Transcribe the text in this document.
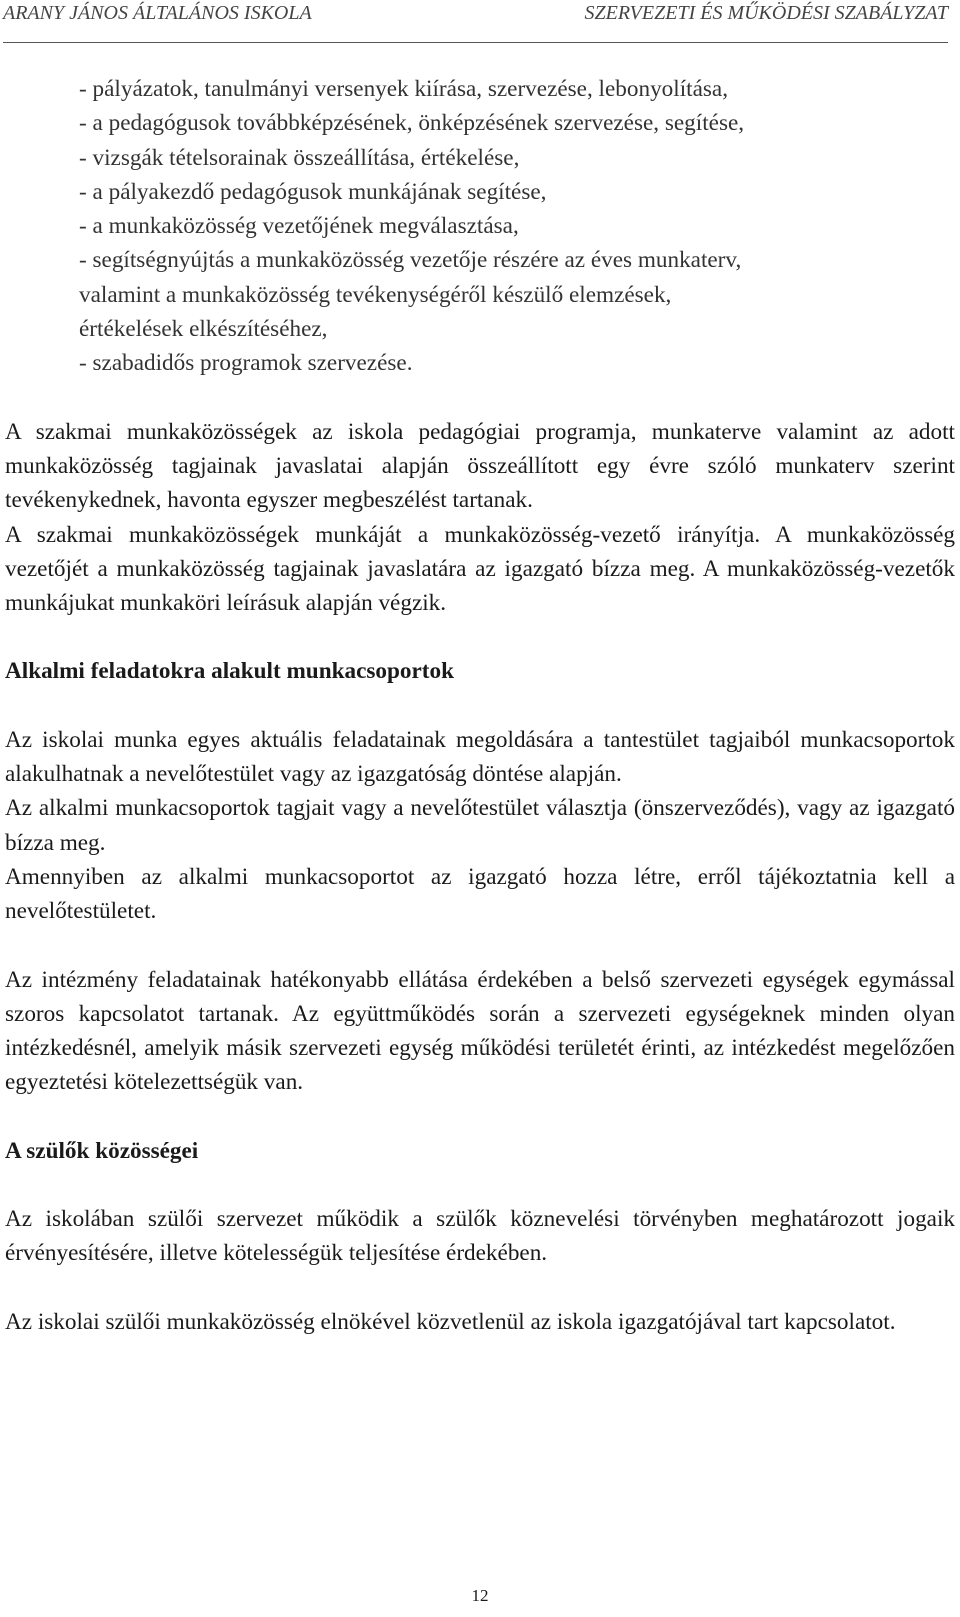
ARANY JÁNOS ÁLTALÁNOS ISKOLA	SZERVEZETI ÉS MŰKÖDÉSI SZABÁLYZAT
- pályázatok, tanulmányi versenyek kiírása, szervezése, lebonyolítása,
- a pedagógusok továbbképzésének, önképzésének szervezése, segítése,
- vizsgák tételsorainak összeállítása, értékelése,
- a pályakezdő pedagógusok munkájának segítése,
- a munkaközösség vezetőjének megválasztása,
- segítségnyújtás a munkaközösség vezetője részére az éves munkaterv,
valamint a munkaközösség tevékenységéről készülő elemzések,
értékelések elkészítéséhez,
- szabadidős programok szervezése.

A szakmai munkaközösségek az iskola pedagógiai programja, munkaterve valamint az adott munkaközösség tagjainak javaslatai alapján összeállított egy évre szóló munkaterv szerint tevékenykednek, havonta egyszer megbeszélést tartanak.

A szakmai munkaközösségek munkáját a munkaközösség-vezető irányítja. A munkaközösség vezetőjét a munkaközösség tagjainak javaslatára az igazgató bízza meg. A munkaközösség-vezetők munkájukat munkaköri leírásuk alapján végzik.

Alkalmi feladatokra alakult munkacsoportok

Az iskolai munka egyes aktuális feladatainak megoldására a tantestület tagjaiból munkacsoportok alakulhatnak a nevelőtestület vagy az igazgatóság döntése alapján.

Az alkalmi munkacsoportok tagjait vagy a nevelőtestület választja (önszerveződés), vagy az igazgató bízza meg.

Amennyiben az alkalmi munkacsoportot az igazgató hozza létre, erről tájékoztatnia kell a nevelőtestületet.

Az intézmény feladatainak hatékonyabb ellátása érdekében a belső szervezeti egységek egymással szoros kapcsolatot tartanak. Az együttműködés során a szervezeti egységeknek minden olyan intézkedésnél, amelyik másik szervezeti egység működési területét érinti, az intézkedést megelőzően egyeztetési kötelezettségük van.

A szülők közösségei

Az iskolában szülői szervezet működik a szülők köznevelési törvényben meghatározott jogaik érvényesítésére, illetve kötelességük teljesítése érdekében.

Az iskolai szülői munkaközösség elnökével közvetlenül az iskola igazgatójával tart kapcsolatot.

12
